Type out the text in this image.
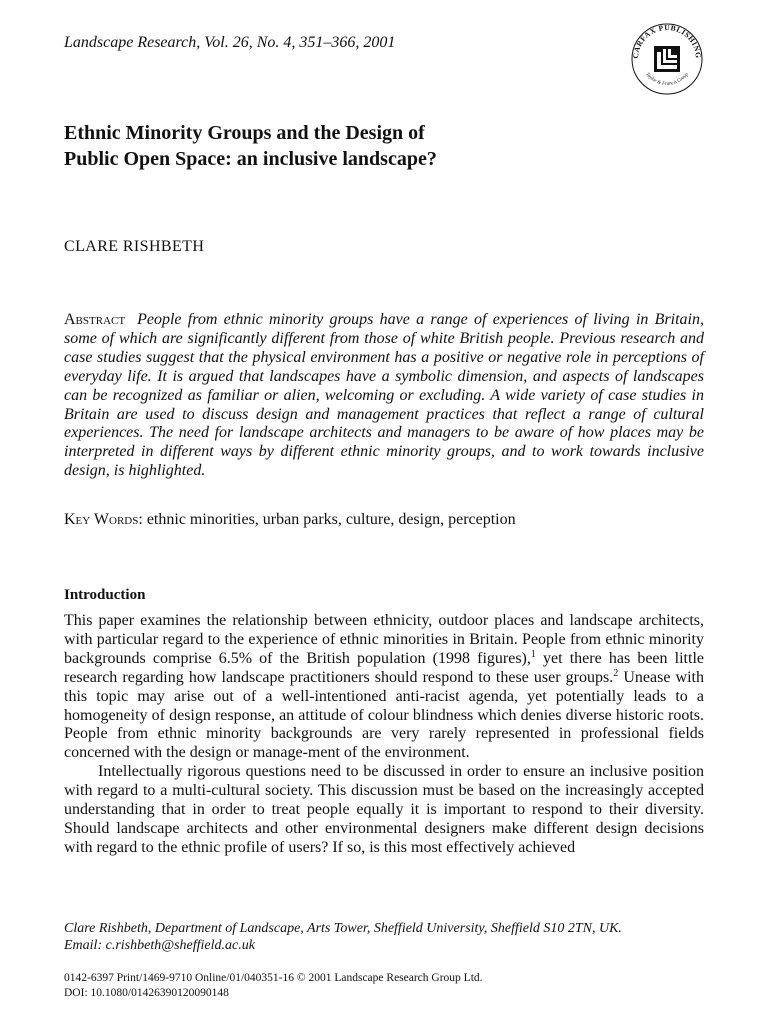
Landscape Research, Vol. 26, No. 4, 351–366, 2001
CARFAX PUBLISHING
Taylor & Francis Group
Ethnic Minority Groups and the Design of
Public Open Space: an inclusive landscape?
CLARE RISHBETH

Abstract People from ethnic minority groups have a range of experiences of living in Britain, some of which are significantly different from those of white British people. Previous research and case studies suggest that the physical environment has a positive or negative role in perceptions of everyday life. It is argued that landscapes have a symbolic dimension, and aspects of landscapes can be recognized as familiar or alien, welcoming or excluding. A wide variety of case studies in Britain are used to discuss design and management practices that reflect a range of cultural experiences. The need for landscape architects and managers to be aware of how places may be interpreted in different ways by different ethnic minority groups, and to work towards inclusive design, is highlighted.

Key Words: ethnic minorities, urban parks, culture, design, perception
Introduction

This paper examines the relationship between ethnicity, outdoor places and landscape architects, with particular regard to the experience of ethnic minorities in Britain. People from ethnic minority backgrounds comprise 6.5% of the British population (1998 figures),$^1$ yet there has been little research regarding how landscape practitioners should respond to these user groups.$^2$ Unease with this topic may arise out of a well-intentioned anti-racist agenda, yet potentially leads to a homogeneity of design response, an attitude of colour blindness which denies diverse historic roots. People from ethnic minority backgrounds are very rarely represented in professional fields concerned with the design or manage-ment of the environment.

Intellectually rigorous questions need to be discussed in order to ensure an inclusive position with regard to a multi-cultural society. This discussion must be based on the increasingly accepted understanding that in order to treat people equally it is important to respond to their diversity. Should landscape architects and other environmental designers make different design decisions with regard to the ethnic profile of users? If so, is this most effectively achieved

Clare Rishbeth, Department of Landscape, Arts Tower, Sheffield University, Sheffield S10 2TN, UK.
Email: c.rishbeth@sheffield.ac.uk
0142-6397 Print/1469-9710 Online/01/040351-16 © 2001 Landscape Research Group Ltd.
DOI: 10.1080/01426390120090148
